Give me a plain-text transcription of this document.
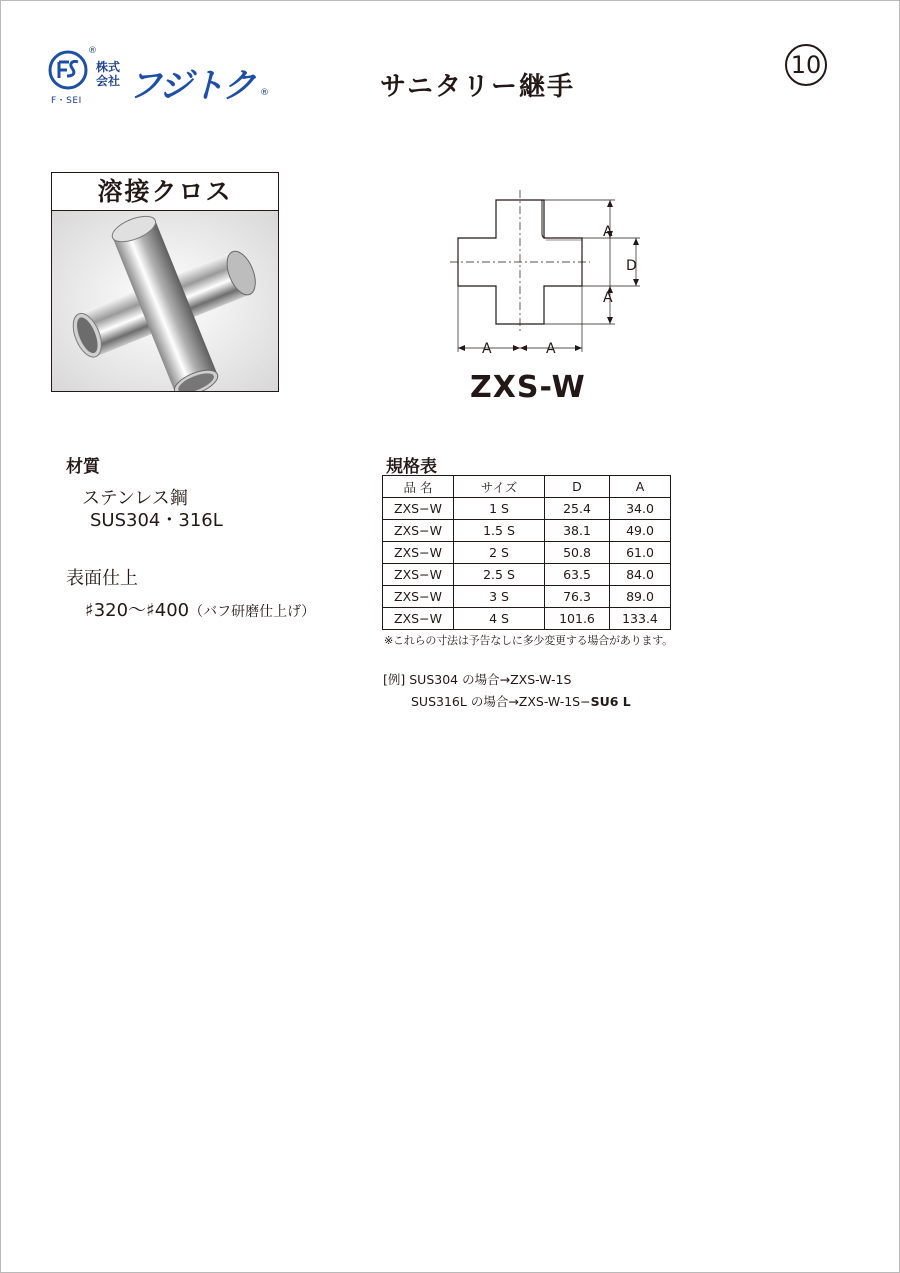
®
F・SEI
株式会社 フジトク ®	サニタリー継手
10
溶接クロス
A
D
A
A	A
ZXS-W
材質
ステンレス鋼
SUS304・316L
表面仕上
♯320～♯400（バフ研磨仕上げ）
規格表
品 名	サイズ	D	A
ZXS−W	1 S	25.4	34.0
ZXS−W	1.5 S	38.1	49.0
ZXS−W	2 S	50.8	61.0
ZXS−W	2.5 S	63.5	84.0
ZXS−W	3 S	76.3	89.0
ZXS−W	4 S	101.6	133.4
※これらの寸法は予告なしに多少変更する場合があります。
[例] SUS304 の場合→ZXS-W-1S
SUS316L の場合→ZXS-W-1S−SU6 L
